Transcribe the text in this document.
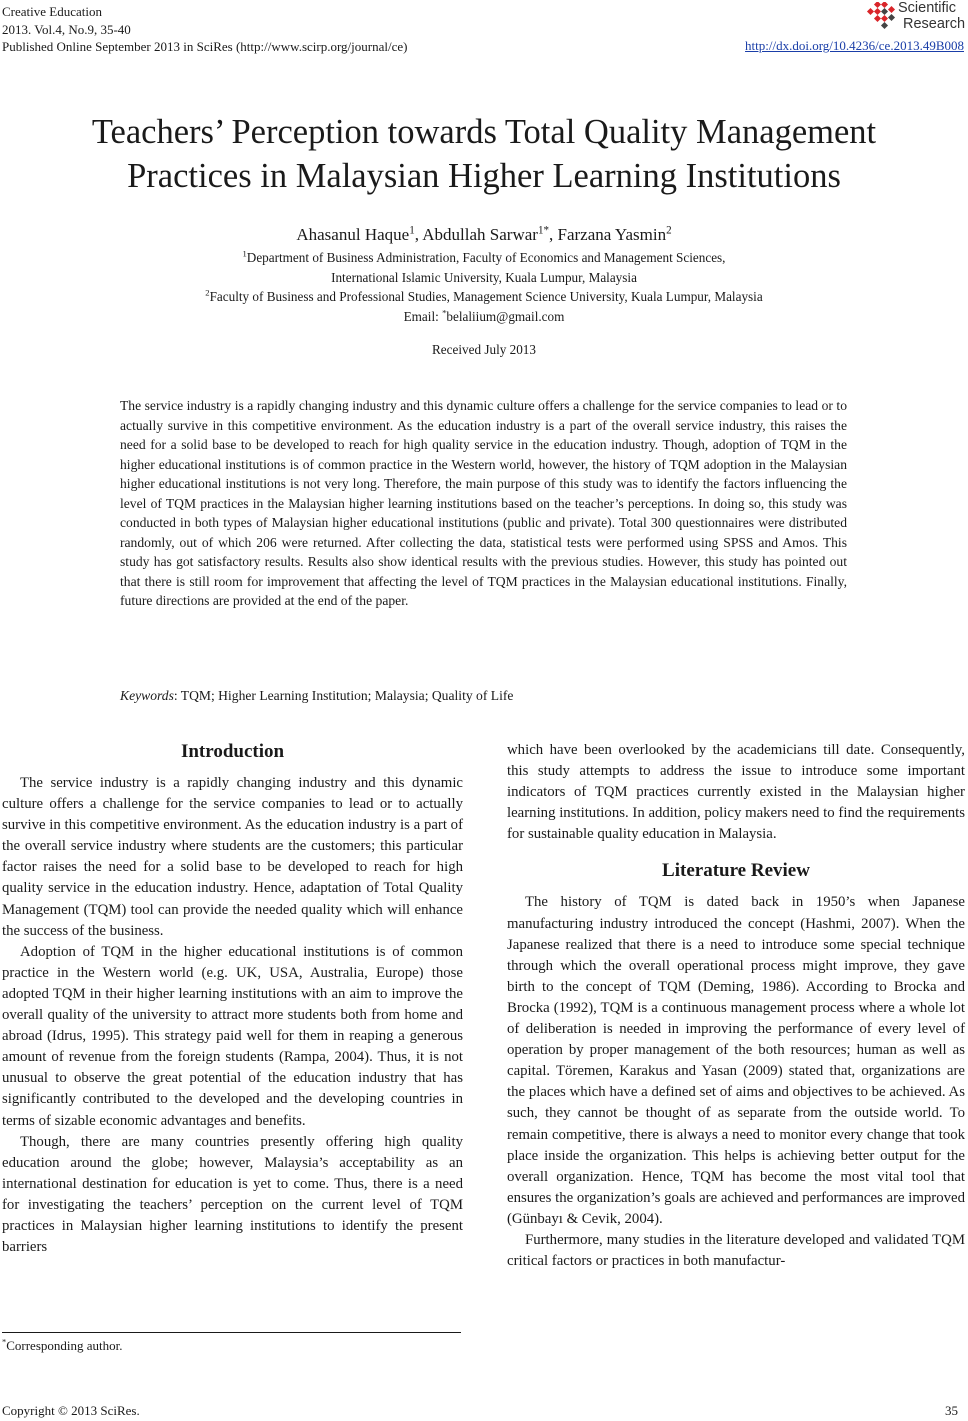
Creative Education
2013. Vol.4, No.9, 35-40
Published Online September 2013 in SciRes (http://www.scirp.org/journal/ce)	http://dx.doi.org/10.4236/ce.2013.49B008
Scientific
Research
Teachers’ Perception towards Total Quality Management
Practices in Malaysian Higher Learning Institutions
Ahasanul Haque$^1$, Abdullah Sarwar$^{1*}$, Farzana Yasmin$^2$
$^1$Department of Business Administration, Faculty of Economics and Management Sciences,
International Islamic University, Kuala Lumpur, Malaysia
$^2$Faculty of Business and Professional Studies, Management Science University, Kuala Lumpur, Malaysia
Email: *belaliium@gmail.com
Received July 2013
The service industry is a rapidly changing industry and this dynamic culture offers a challenge for the service companies to lead or to actually survive in this competitive environment. As the education industry is a part of the overall service industry, this raises the need for a solid base to be developed to reach for high quality service in the education industry. Though, adoption of TQM in the higher educational institutions is of common practice in the Western world, however, the history of TQM adoption in the Malaysian higher educational institutions is not very long. Therefore, the main purpose of this study was to identify the factors influencing the level of TQM practices in the Malaysian higher learning institutions based on the teacher’s perceptions. In doing so, this study was conducted in both types of Malaysian higher educational institutions (public and private). Total 300 questionnaires were distributed randomly, out of which 206 were returned. After collecting the data, statistical tests were performed using SPSS and Amos. This study has got satisfactory results. Results also show identical results with the previous studies. However, this study has pointed out that there is still room for improvement that affecting the level of TQM practices in the Malaysian educational institutions. Finally, future directions are provided at the end of the paper.
Keywords: TQM; Higher Learning Institution; Malaysia; Quality of Life
Introduction

The service industry is a rapidly changing industry and this dynamic culture offers a challenge for the service companies to lead or to actually survive in this competitive environment. As the education industry is a part of the overall service industry where students are the customers; this particular factor raises the need for a solid base to be developed to reach for high quality service in the education industry. Hence, adaptation of Total Quality Management (TQM) tool can provide the needed quality which will enhance the success of the business.

Adoption of TQM in the higher educational institutions is of common practice in the Western world (e.g. UK, USA, Australia, Europe) those adopted TQM in their higher learning institutions with an aim to improve the overall quality of the university to attract more students both from home and abroad (Idrus, 1995). This strategy paid well for them in reaping a generous amount of revenue from the foreign students (Rampa, 2004). Thus, it is not unusual to observe the great potential of the education industry that has significantly contributed to the developed and the developing countries in terms of sizable economic advantages and benefits.

Though, there are many countries presently offering high quality education around the globe; however, Malaysia’s acceptability as an international destination for education is yet to come. Thus, there is a need for investigating the teachers’ perception on the current level of TQM practices in Malaysian higher learning institutions to identify the present barriers

which have been overlooked by the academicians till date. Consequently, this study attempts to address the issue to introduce some important indicators of TQM practices currently existed in the Malaysian higher learning institutions. In addition, policy makers need to find the requirements for sustainable quality education in Malaysia.

Literature Review

The history of TQM is dated back in 1950’s when Japanese manufacturing industry introduced the concept (Hashmi, 2007). When the Japanese realized that there is a need to introduce some special technique through which the overall operational process might improve, they gave birth to the concept of TQM (Deming, 1986). According to Brocka and Brocka (1992), TQM is a continuous management process where a whole lot of deliberation is needed in improving the performance of every level of operation by proper management of the both resources; human as well as capital. Töremen, Karakus and Yasan (2009) stated that, organizations are the places which have a defined set of aims and objectives to be achieved. As such, they cannot be thought of as separate from the outside world. To remain competitive, there is always a need to monitor every change that took place inside the organization. This helps is achieving better output for the overall organization. Hence, TQM has become the most vital tool that ensures the organization’s goals are achieved and performances are improved (Günbayı & Cevik, 2004).

Furthermore, many studies in the literature developed and validated TQM critical factors or practices in both manufactur-

*Corresponding author.
Copyright © 2013 SciRes.	35
